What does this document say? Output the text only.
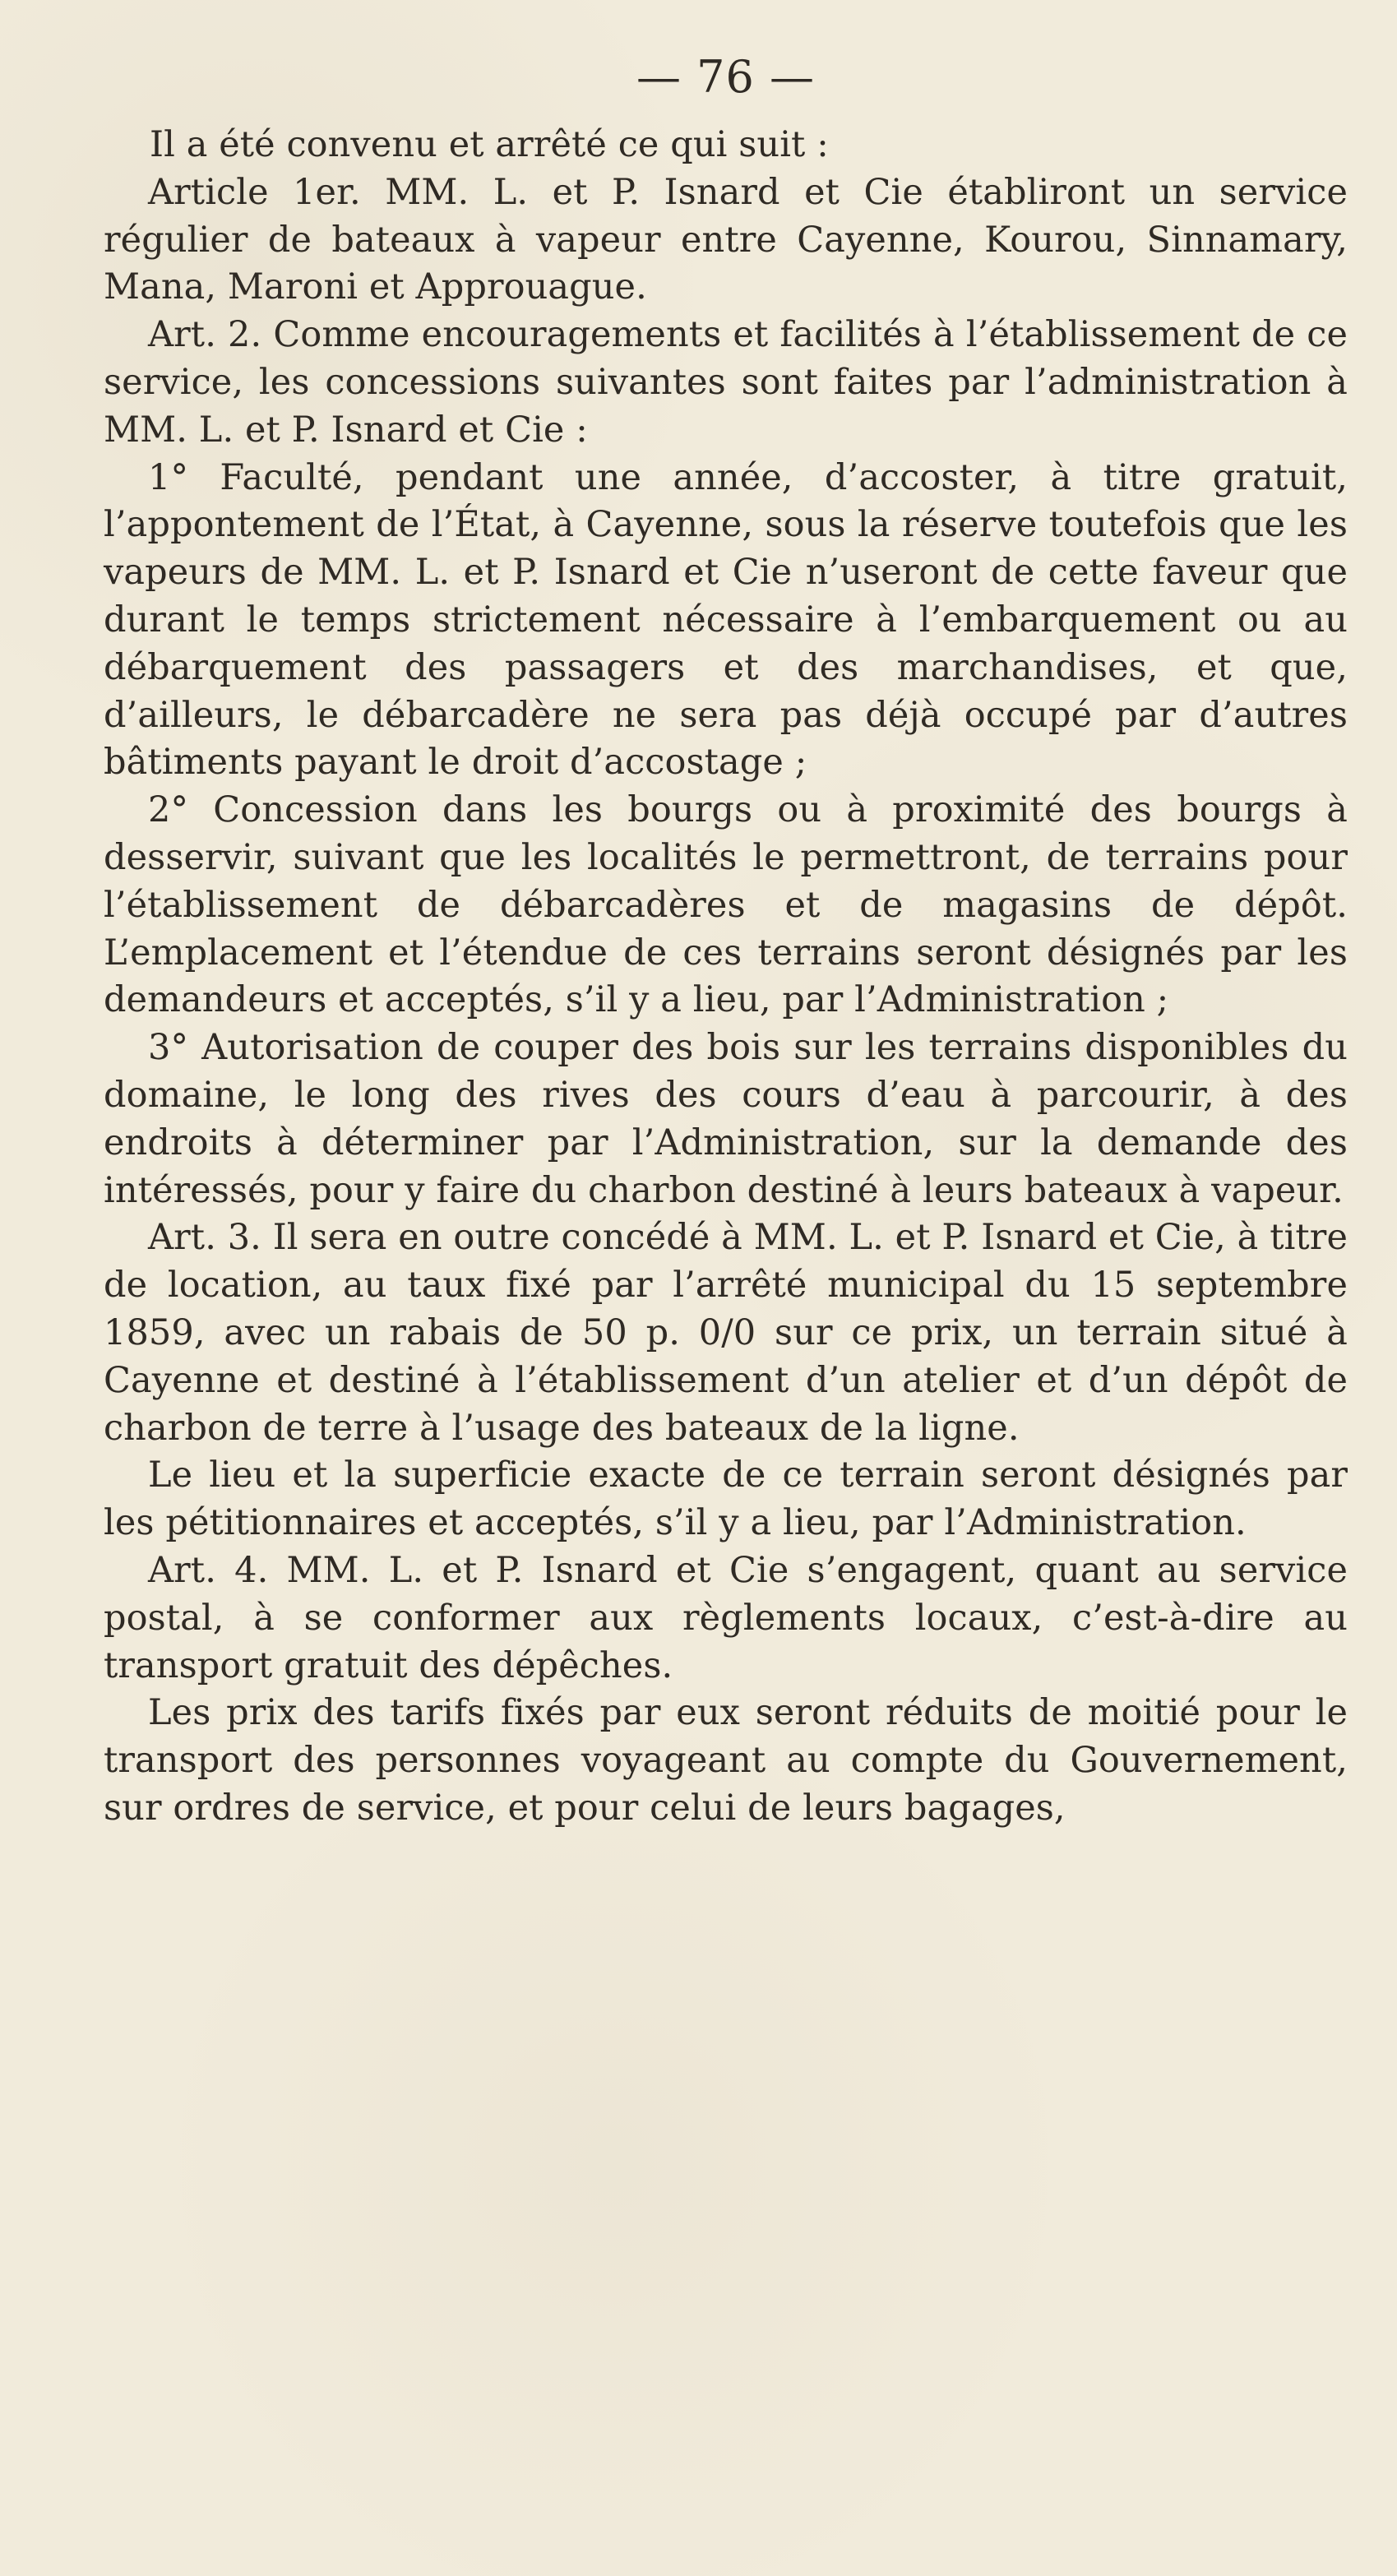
— 76 —

Il a été convenu et arrêté ce qui suit :

Article 1er. MM. L. et P. Isnard et Cie établiront un service régulier de bateaux à vapeur entre Cayenne, Kourou, Sinnamary, Mana, Maroni et Approuague.

Art. 2. Comme encouragements et facilités à l’établissement de ce service, les concessions suivantes sont faites par l’administration à MM. L. et P. Isnard et Cie :

1° Faculté, pendant une année, d’accoster, à titre gratuit, l’appontement de l’État, à Cayenne, sous la réserve toutefois que les vapeurs de MM. L. et P. Isnard et Cie n’useront de cette faveur que durant le temps strictement nécessaire à l’embarquement ou au débarquement des passagers et des marchandises, et que, d’ailleurs, le débarcadère ne sera pas déjà occupé par d’autres bâtiments payant le droit d’accostage ;

2° Concession dans les bourgs ou à proximité des bourgs à desservir, suivant que les localités le permettront, de terrains pour l’établissement de débarcadères et de magasins de dépôt. L’emplacement et l’étendue de ces terrains seront désignés par les demandeurs et acceptés, s’il y a lieu, par l’Administration ;

3° Autorisation de couper des bois sur les terrains disponibles du domaine, le long des rives des cours d’eau à parcourir, à des endroits à déterminer par l’Administration, sur la demande des intéressés, pour y faire du charbon destiné à leurs bateaux à vapeur.

Art. 3. Il sera en outre concédé à MM. L. et P. Isnard et Cie, à titre de location, au taux fixé par l’arrêté municipal du 15 septembre 1859, avec un rabais de 50 p. 0/0 sur ce prix, un terrain situé à Cayenne et destiné à l’établissement d’un atelier et d’un dépôt de charbon de terre à l’usage des bateaux de la ligne.

Le lieu et la superficie exacte de ce terrain seront désignés par les pétitionnaires et acceptés, s’il y a lieu, par l’Administration.

Art. 4. MM. L. et P. Isnard et Cie s’engagent, quant au service postal, à se conformer aux règlements locaux, c’est-à-dire au transport gratuit des dépêches.

Les prix des tarifs fixés par eux seront réduits de moitié pour le transport des personnes voyageant au compte du Gouvernement, sur ordres de service, et pour celui de leurs bagages,
